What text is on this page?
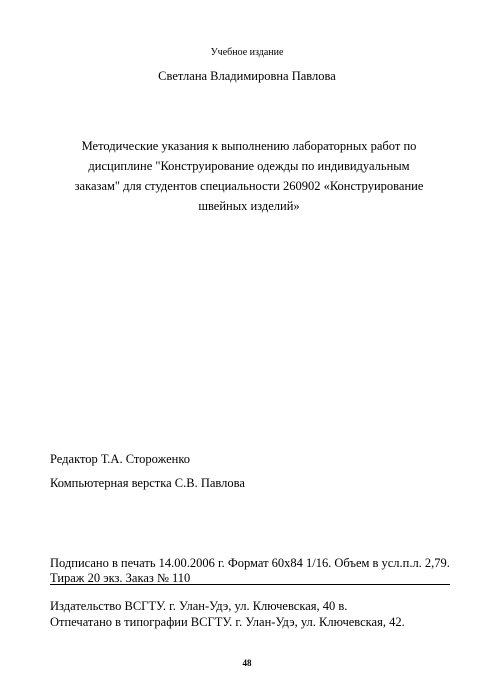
Учебное издание
Светлана Владимировна Павлова
Методические указания к выполнению лабораторных работ по
дисциплине "Конструирование одежды по индивидуальным
заказам" для студентов специальности 260902 «Конструирование
швейных изделий»
Редактор Т.А. Стороженко
Компьютерная верстка С.В. Павлова
Подписано в печать 14.00.2006 г. Формат 60х84 1/16. Объем в усл.п.л. 2,79.
Тираж 20 экз. Заказ № 110
Издательство ВСГТУ. г. Улан-Удэ, ул. Ключевская, 40 в.
Отпечатано в типографии ВСГТУ. г. Улан-Удэ, ул. Ключевская, 42.
48
